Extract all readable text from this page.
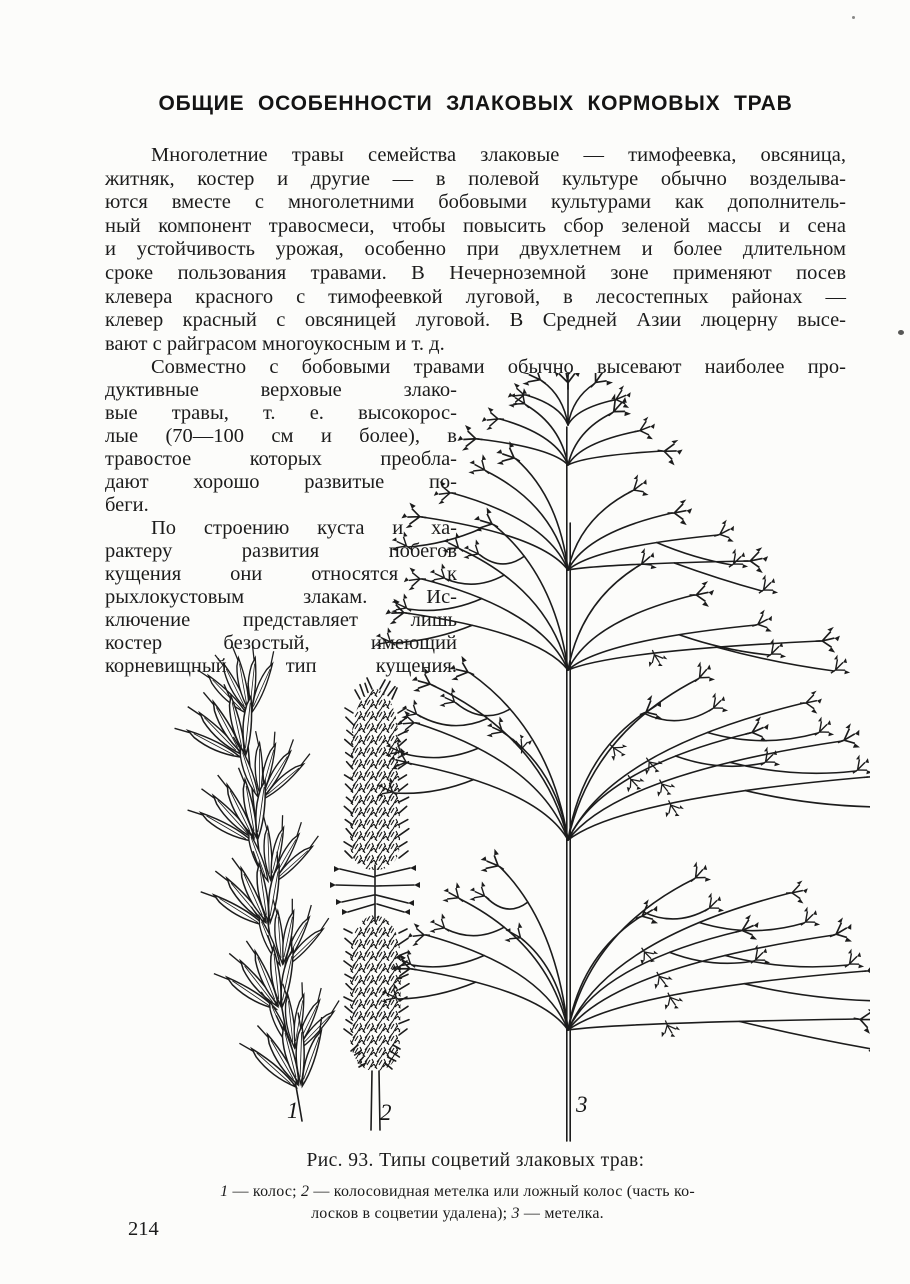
ОБЩИЕ ОСОБЕННОСТИ ЗЛАКОВЫХ КОРМОВЫХ ТРАВ
Многолетние травы семейства злаковые — тимофеевка, овсяница,
житняк, костер и другие — в полевой культуре обычно возделыва-
ются вместе с многолетними бобовыми культурами как дополнитель-
ный компонент травосмеси, чтобы повысить сбор зеленой массы и сена
и устойчивость урожая, особенно при двухлетнем и более длительном
сроке пользования травами. В Нечерноземной зоне применяют посев
клевера красного с тимофеевкой луговой, в лесостепных районах —
клевер красный с овсяницей луговой. В Средней Азии люцерну высе-
вают с райграсом многоукосным и т. д.
Совместно с бобовыми травами обычно высевают наиболее про-
дуктивные верховые злако-
вые травы, т. е. высокорос-
лые (70—100 см и более), в
травостое которых преобла-
дают хорошо развитые по-
беги.
По строению куста и ха-
рактеру развития побегов
кущения они относятся к
рыхлокустовым злакам. Ис-
ключение представляет лишь
костер безостый, имеющий
корневищный тип кущения.
1	2	3
Рис. 93. Типы соцветий злаковых трав:
1 — колос; 2 — колосовидная метелка или ложный колос (часть ко-
лосков в соцветии удалена); 3 — метелка.
214
